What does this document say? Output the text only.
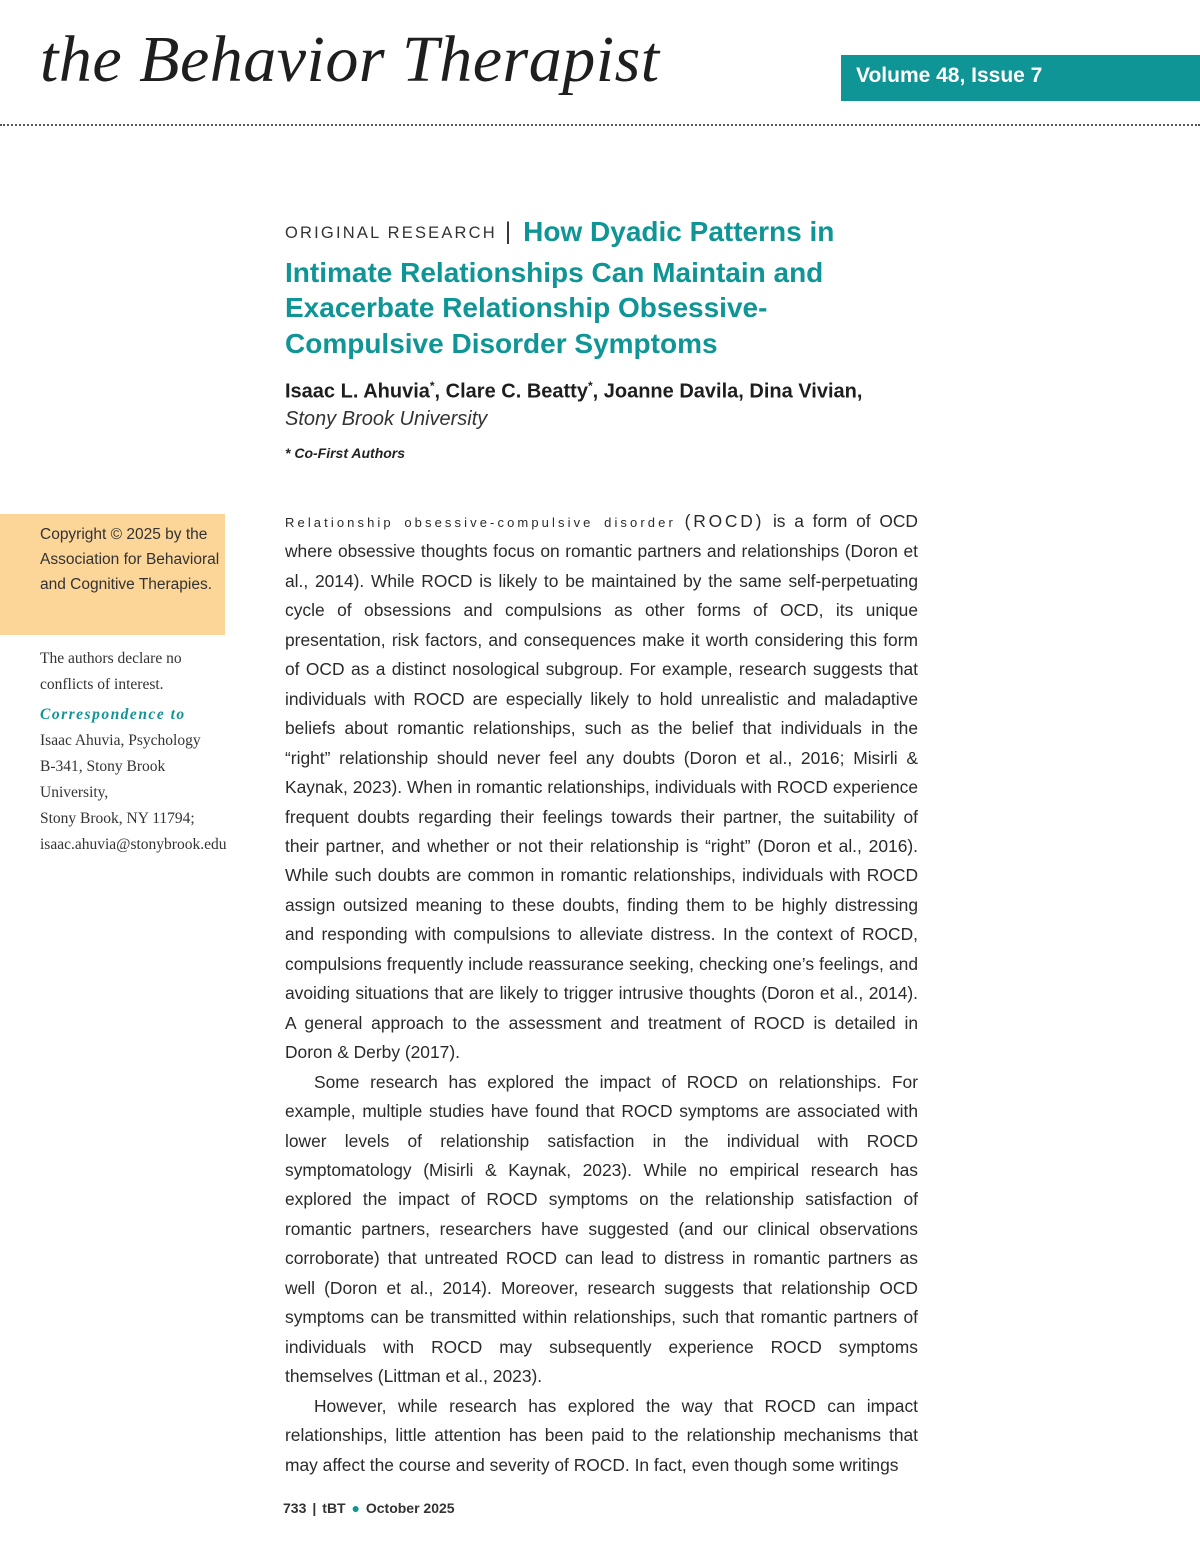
the Behavior Therapist	Volume 48, Issue 7
ORIGINAL RESEARCH | How Dyadic Patterns in Intimate Relationships Can Maintain and Exacerbate Relationship Obsessive-Compulsive Disorder Symptoms
Isaac L. Ahuvia*, Clare C. Beatty*, Joanne Davila, Dina Vivian,
Stony Brook University
* Co-First Authors
Copyright © 2025 by the Association for Behavioral and Cognitive Therapies.
The authors declare no conflicts of interest.
Correspondence to
Isaac Ahuvia, Psychology
B-341, Stony Brook University,
Stony Brook, NY 11794;
isaac.ahuvia@stonybrook.edu

Relationship obsessive-compulsive disorder (ROCD) is a form of OCD where obsessive thoughts focus on romantic partners and relationships (Doron et al., 2014). While ROCD is likely to be maintained by the same self-perpetuating cycle of obsessions and compulsions as other forms of OCD, its unique presentation, risk factors, and consequences make it worth considering this form of OCD as a distinct nosological subgroup. For example, research suggests that individuals with ROCD are especially likely to hold unrealistic and maladaptive beliefs about romantic relationships, such as the belief that individuals in the “right” relationship should never feel any doubts (Doron et al., 2016; Misirli & Kaynak, 2023). When in romantic relationships, individuals with ROCD experience frequent doubts regarding their feelings towards their partner, the suitability of their partner, and whether or not their relationship is “right” (Doron et al., 2016). While such doubts are common in romantic relationships, individuals with ROCD assign outsized meaning to these doubts, finding them to be highly distressing and responding with compulsions to alleviate distress. In the context of ROCD, compulsions frequently include reassurance seeking, checking one’s feelings, and avoiding situations that are likely to trigger intrusive thoughts (Doron et al., 2014). A general approach to the assessment and treatment of ROCD is detailed in Doron & Derby (2017).

Some research has explored the impact of ROCD on relationships. For example, multiple studies have found that ROCD symptoms are associated with lower levels of relationship satisfaction in the individual with ROCD symptomatology (Misirli & Kaynak, 2023). While no empirical research has explored the impact of ROCD symptoms on the relationship satisfaction of romantic partners, researchers have suggested (and our clinical observations corroborate) that untreated ROCD can lead to distress in romantic partners as well (Doron et al., 2014). Moreover, research suggests that relationship OCD symptoms can be transmitted within relationships, such that romantic partners of individuals with ROCD may subsequently experience ROCD symptoms themselves (Littman et al., 2023).

However, while research has explored the way that ROCD can impact relationships, little attention has been paid to the relationship mechanisms that may affect the course and severity of ROCD. In fact, even though some writings

733 | tBT ● October 2025
